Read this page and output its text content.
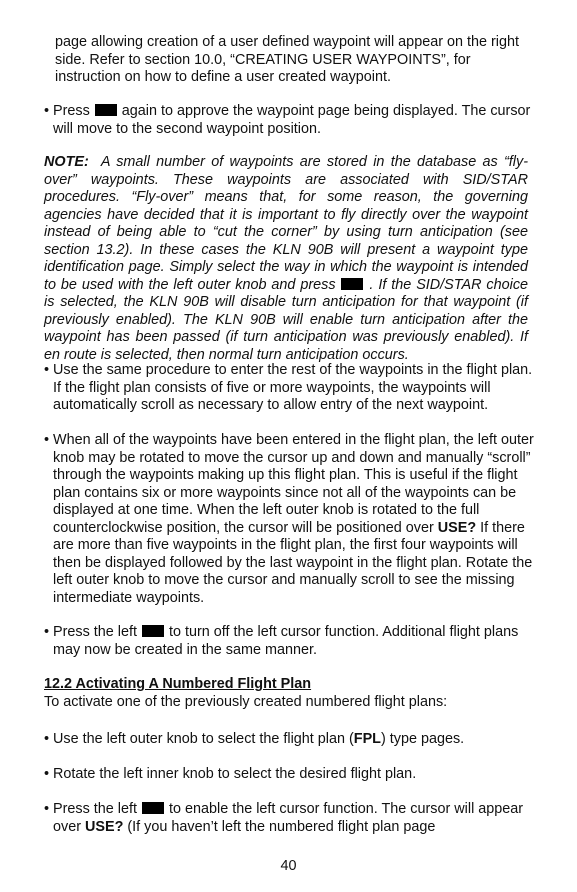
page allowing creation of a user defined waypoint will appear on the right side. Refer to section 10.0, “CREATING USER WAYPOINTS”, for instruction on how to define a user created waypoint.
• Press again to approve the waypoint page being displayed. The cursor will move to the second waypoint position.
NOTE: A small number of waypoints are stored in the database as “fly-over” waypoints. These waypoints are associated with SID/STAR procedures. “Fly-over” means that, for some reason, the governing agencies have decided that it is important to fly directly over the waypoint instead of being able to “cut the corner” by using turn anticipation (see section 13.2). In these cases the KLN 90B will present a waypoint type identification page. Simply select the way in which the waypoint is intended to be used with the left outer knob and press . If the SID/STAR choice is selected, the KLN 90B will disable turn anticipation for that waypoint (if previously enabled). The KLN 90B will enable turn anticipation after the waypoint has been passed (if turn anticipation was previously enabled). If en route is selected, then normal turn anticipation occurs.
• Use the same procedure to enter the rest of the waypoints in the flight plan. If the flight plan consists of five or more waypoints, the waypoints will automatically scroll as necessary to allow entry of the next waypoint.
• When all of the waypoints have been entered in the flight plan, the left outer knob may be rotated to move the cursor up and down and manually “scroll” through the waypoints making up this flight plan. This is useful if the flight plan contains six or more waypoints since not all of the waypoints can be displayed at one time. When the left outer knob is rotated to the full counterclockwise position, the cursor will be positioned over USE? If there are more than five waypoints in the flight plan, the first four waypoints will then be displayed followed by the last waypoint in the flight plan. Rotate the left outer knob to move the cursor and manually scroll to see the missing intermediate waypoints.
• Press the left to turn off the left cursor function. Additional flight plans may now be created in the same manner.
12.2 Activating A Numbered Flight Plan
To activate one of the previously created numbered flight plans:
• Use the left outer knob to select the flight plan (FPL) type pages.
• Rotate the left inner knob to select the desired flight plan.
• Press the left to enable the left cursor function. The cursor will appear over USE? (If you haven’t left the numbered flight plan page
40
